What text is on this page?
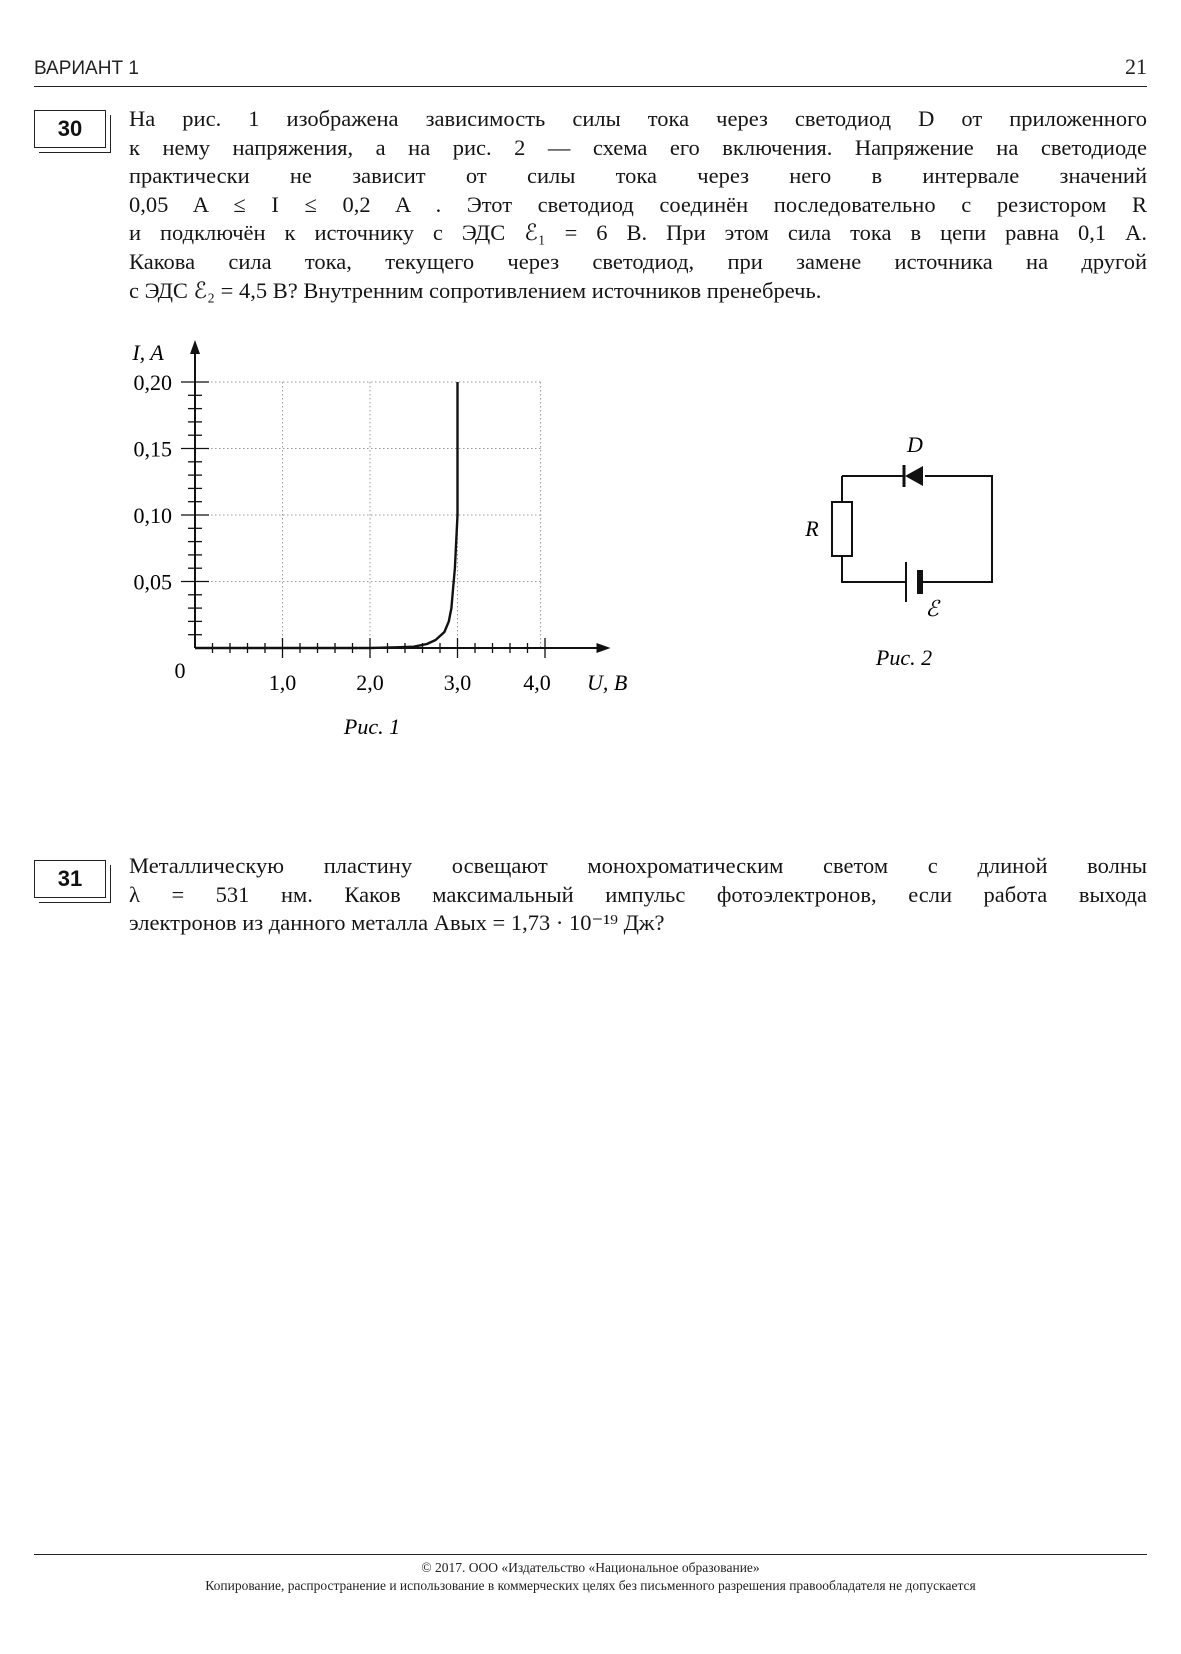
ВАРИАНТ 1	21
30	На рис. 1 изображена зависимость силы тока через светодиод D от приложенного
к нему напряжения, а на рис. 2 — схема его включения. Напряжение на светодиоде
практически не зависит от силы тока через него в интервале значений
0,05 A ≤ I ≤ 0,2 A . Этот светодиод соединён последовательно с резистором R
и подключён к источнику с ЭДС ℰ₁ = 6 В. При этом сила тока в цепи равна 0,1 А.
Какова сила тока, текущего через светодиод, при замене источника на другой
с ЭДС ℰ₂ = 4,5 В? Внутренним сопротивлением источников пренебречь.
0,20
0,15
0,10
0,05
1,0	2,0	3,0 4,0
0
I, A
U, B
Рис. 1
R
D
ℰ
Рис. 2
31
Металлическую пластину освещают монохроматическим светом с длиной волны
λ = 531 нм. Каков максимальный импульс фотоэлектронов, если работа выхода
электронов из данного металла Aвых = 1,73 · 10⁻¹⁹ Дж?
© 2017. ООО «Издательство «Национальное образование»
Копирование, распространение и использование в коммерческих целях без письменного разрешения правообладателя не допускается
